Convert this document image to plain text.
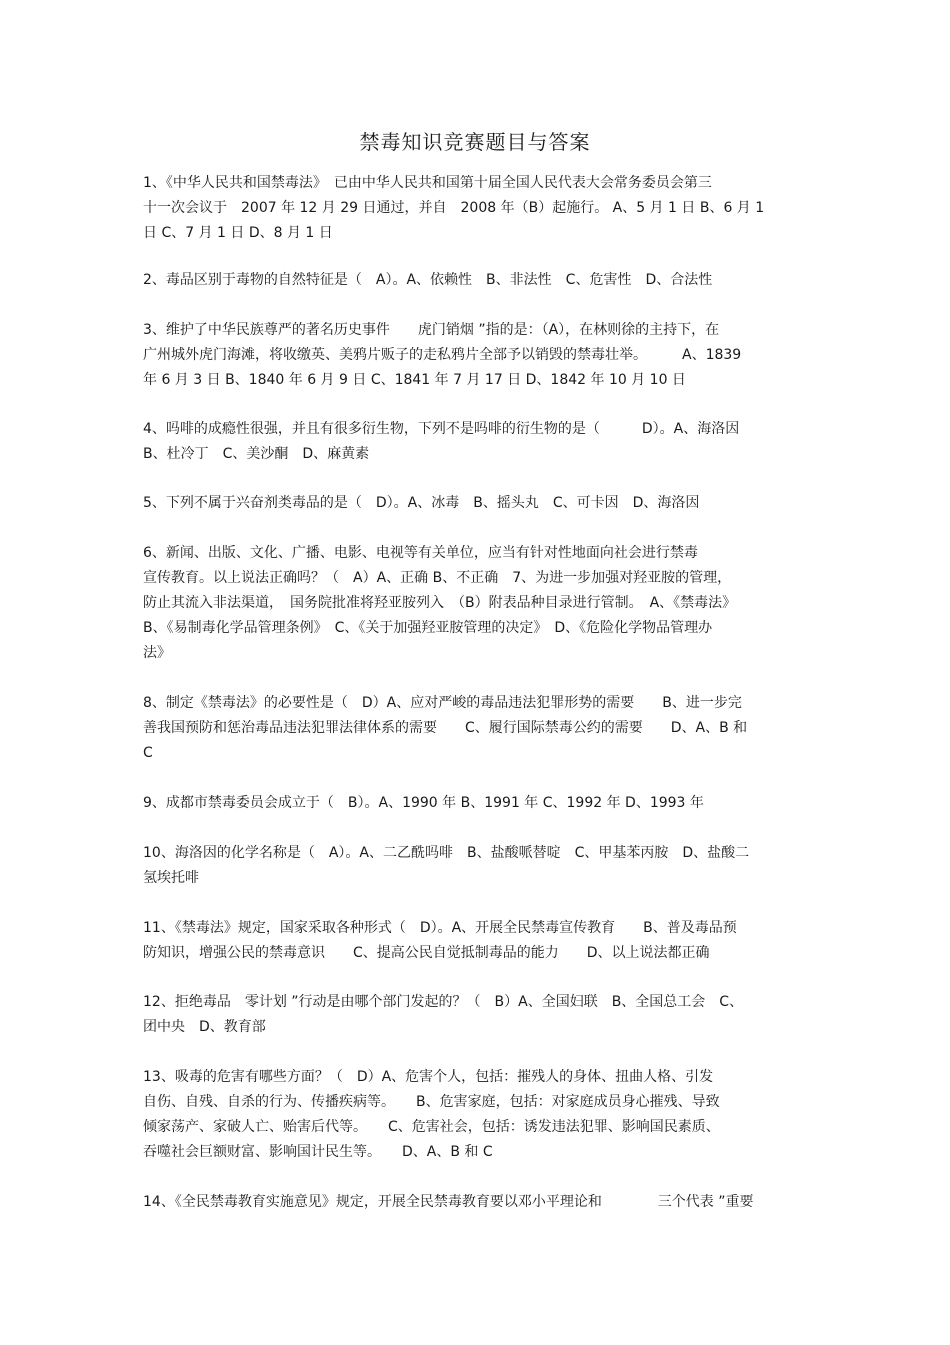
禁毒知识竞赛题目与答案
1、《中华人民共和国禁毒法》　已由中华人民共和国第十届全国人民代表大会常务委员会第三
十一次会议于　2007 年 12 月 29 日通过，并自　2008 年（B）起施行。 A、5 月 1 日 B、6 月 1
日 C、7 月 1 日 D、8 月 1 日
2、毒品区别于毒物的自然特征是（　A）。A、依赖性　B、非法性　C、危害性　D、合法性
3、维护了中华民族尊严的著名历史事件　　虎门销烟 ”指的是：（A），在林则徐的主持下，在
广州城外虎门海滩，将收缴英、美鸦片贩子的走私鸦片全部予以销毁的禁毒壮举。　　　A、1839
年 6 月 3 日 B、1840 年 6 月 9 日 C、1841 年 7 月 17 日 D、1842 年 10 月 10 日
4、吗啡的成瘾性很强，并且有很多衍生物，下列不是吗啡的衍生物的是（　　　D）。A、海洛因
B、杜冷丁　C、美沙酮　D、麻黄素
5、下列不属于兴奋剂类毒品的是（　D）。A、冰毒　B、摇头丸　C、可卡因　D、海洛因
6、新闻、出版、文化、广播、电影、电视等有关单位，应当有针对性地面向社会进行禁毒
宣传教育。以上说法正确吗？（　A）A、正确 B、不正确　7、为进一步加强对羟亚胺的管理，
防止其流入非法渠道，　国务院批准将羟亚胺列入　（B）附表品种目录进行管制。　A、《禁毒法》
B、《易制毒化学品管理条例》　C、《关于加强羟亚胺管理的决定》　D、《危险化学物品管理办
法》
8、制定《禁毒法》的必要性是（　D）A、应对严峻的毒品违法犯罪形势的需要　　B、进一步完
善我国预防和惩治毒品违法犯罪法律体系的需要　　C、履行国际禁毒公约的需要　　D、A、B 和
C
9、成都市禁毒委员会成立于（　B）。A、1990 年 B、1991 年 C、1992 年 D、1993 年
10、海洛因的化学名称是（　A）。A、二乙酰吗啡　B、盐酸哌替啶　C、甲基苯丙胺　D、盐酸二
氢埃托啡
11、《禁毒法》规定，国家采取各种形式（　D）。A、开展全民禁毒宣传教育　　B、普及毒品预
防知识，增强公民的禁毒意识　　C、提高公民自觉抵制毒品的能力　　D、以上说法都正确
12、拒绝毒品　零计划 ”行动是由哪个部门发起的？（　B）A、全国妇联　B、全国总工会　C、
团中央　D、教育部
13、吸毒的危害有哪些方面？（　D）A、危害个人，包括：摧残人的身体、扭曲人格、引发
自伤、自残、自杀的行为、传播疾病等。　　B、危害家庭，包括：对家庭成员身心摧残、导致
倾家荡产、家破人亡、贻害后代等。　　C、危害社会，包括：诱发违法犯罪、影响国民素质、
吞噬社会巨额财富、影响国计民生等。　　D、A、B 和 C
14、《全民禁毒教育实施意见》规定，开展全民禁毒教育要以邓小平理论和　　　　三个代表 ”重要
